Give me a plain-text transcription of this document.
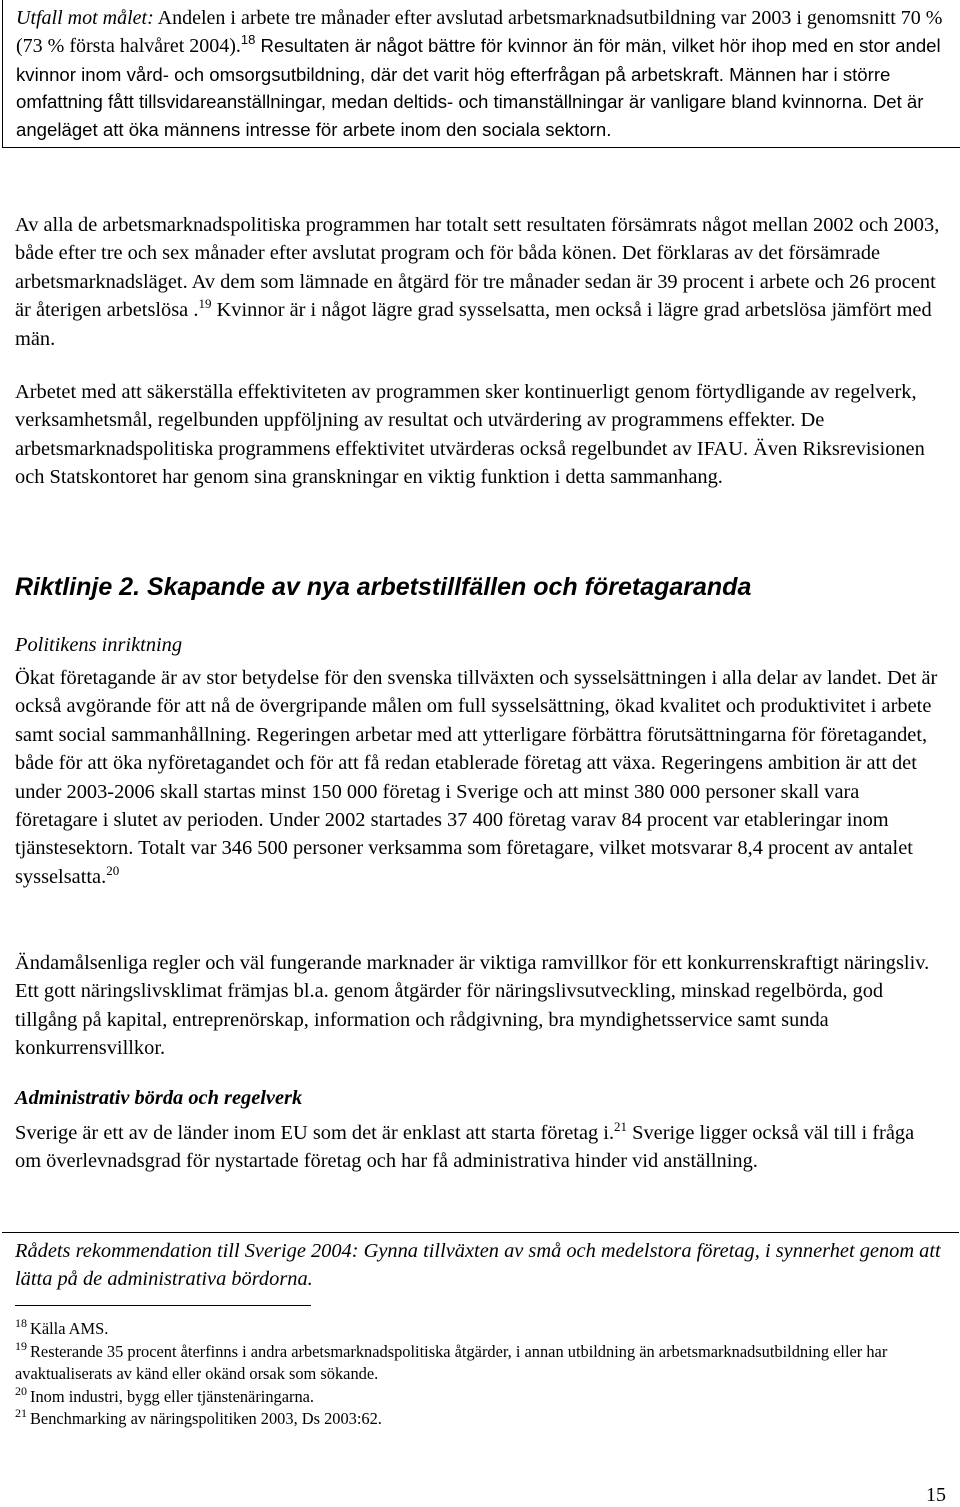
Utfall mot målet: Andelen i arbete tre månader efter avslutad arbetsmarknadsutbildning var 2003 i genomsnitt 70 % (73 % första halvåret 2004).$^{18}$ Resultaten är något bättre för kvinnor än för män, vilket hör ihop med en stor andel kvinnor inom vård- och omsorgsutbildning, där det varit hög efterfrågan på arbetskraft. Männen har i större omfattning fått tillsvidareanställningar, medan deltids- och timanställningar är vanligare bland kvinnorna. Det är angeläget att öka männens intresse för arbete inom den sociala sektorn.
Av alla de arbetsmarknadspolitiska programmen har totalt sett resultaten försämrats något mellan 2002 och 2003, både efter tre och sex månader efter avslutat program och för båda könen. Det förklaras av det försämrade arbetsmarknadsläget. Av dem som lämnade en åtgärd för tre månader sedan är 39 procent i arbete och 26 procent är återigen arbetslösa .$^{19}$ Kvinnor är i något lägre grad sysselsatta, men också i lägre grad arbetslösa jämfört med män.
Arbetet med att säkerställa effektiviteten av programmen sker kontinuerligt genom förtydligande av regelverk, verksamhetsmål, regelbunden uppföljning av resultat och utvärdering av programmens effekter. De arbetsmarknadspolitiska programmens effektivitet utvärderas också regelbundet av IFAU. Även Riksrevisionen och Statskontoret har genom sina granskningar en viktig funktion i detta sammanhang.
Riktlinje 2. Skapande av nya arbetstillfällen och företagaranda
Politikens inriktning
Ökat företagande är av stor betydelse för den svenska tillväxten och sysselsättningen i alla delar av landet. Det är också avgörande för att nå de övergripande målen om full sysselsättning, ökad kvalitet och produktivitet i arbete samt social sammanhållning. Regeringen arbetar med att ytterligare förbättra förutsättningarna för företagandet, både för att öka nyföretagandet och för att få redan etablerade företag att växa. Regeringens ambition är att det under 2003-2006 skall startas minst 150 000 företag i Sverige och att minst 380 000 personer skall vara företagare i slutet av perioden. Under 2002 startades 37 400 företag varav 84 procent var etableringar inom tjänstesektorn. Totalt var 346 500 personer verksamma som företagare, vilket motsvarar 8,4 procent av antalet sysselsatta.$^{20}$
Ändamålsenliga regler och väl fungerande marknader är viktiga ramvillkor för ett konkurrenskraftigt näringsliv. Ett gott näringslivsklimat främjas bl.a. genom åtgärder för näringslivsutveckling, minskad regelbörda, god tillgång på kapital, entreprenörskap, information och rådgivning, bra myndighetsservice samt sunda konkurrensvillkor.
Administrativ börda och regelverk
Sverige är ett av de länder inom EU som det är enklast att starta företag i.$^{21}$ Sverige ligger också väl till i fråga om överlevnadsgrad för nystartade företag och har få administrativa hinder vid anställning.
Rådets rekommendation till Sverige 2004: Gynna tillväxten av små och medelstora företag, i synnerhet genom att lätta på de administrativa bördorna.

$^{18}$ Källa AMS.

$^{19}$ Resterande 35 procent återfinns i andra arbetsmarknadspolitiska åtgärder, i annan utbildning än arbetsmarknadsutbildning eller har avaktualiserats av känd eller okänd orsak som sökande.

$^{20}$ Inom industri, bygg eller tjänstenäringarna.

$^{21}$ Benchmarking av näringspolitiken 2003, Ds 2003:62.

15
